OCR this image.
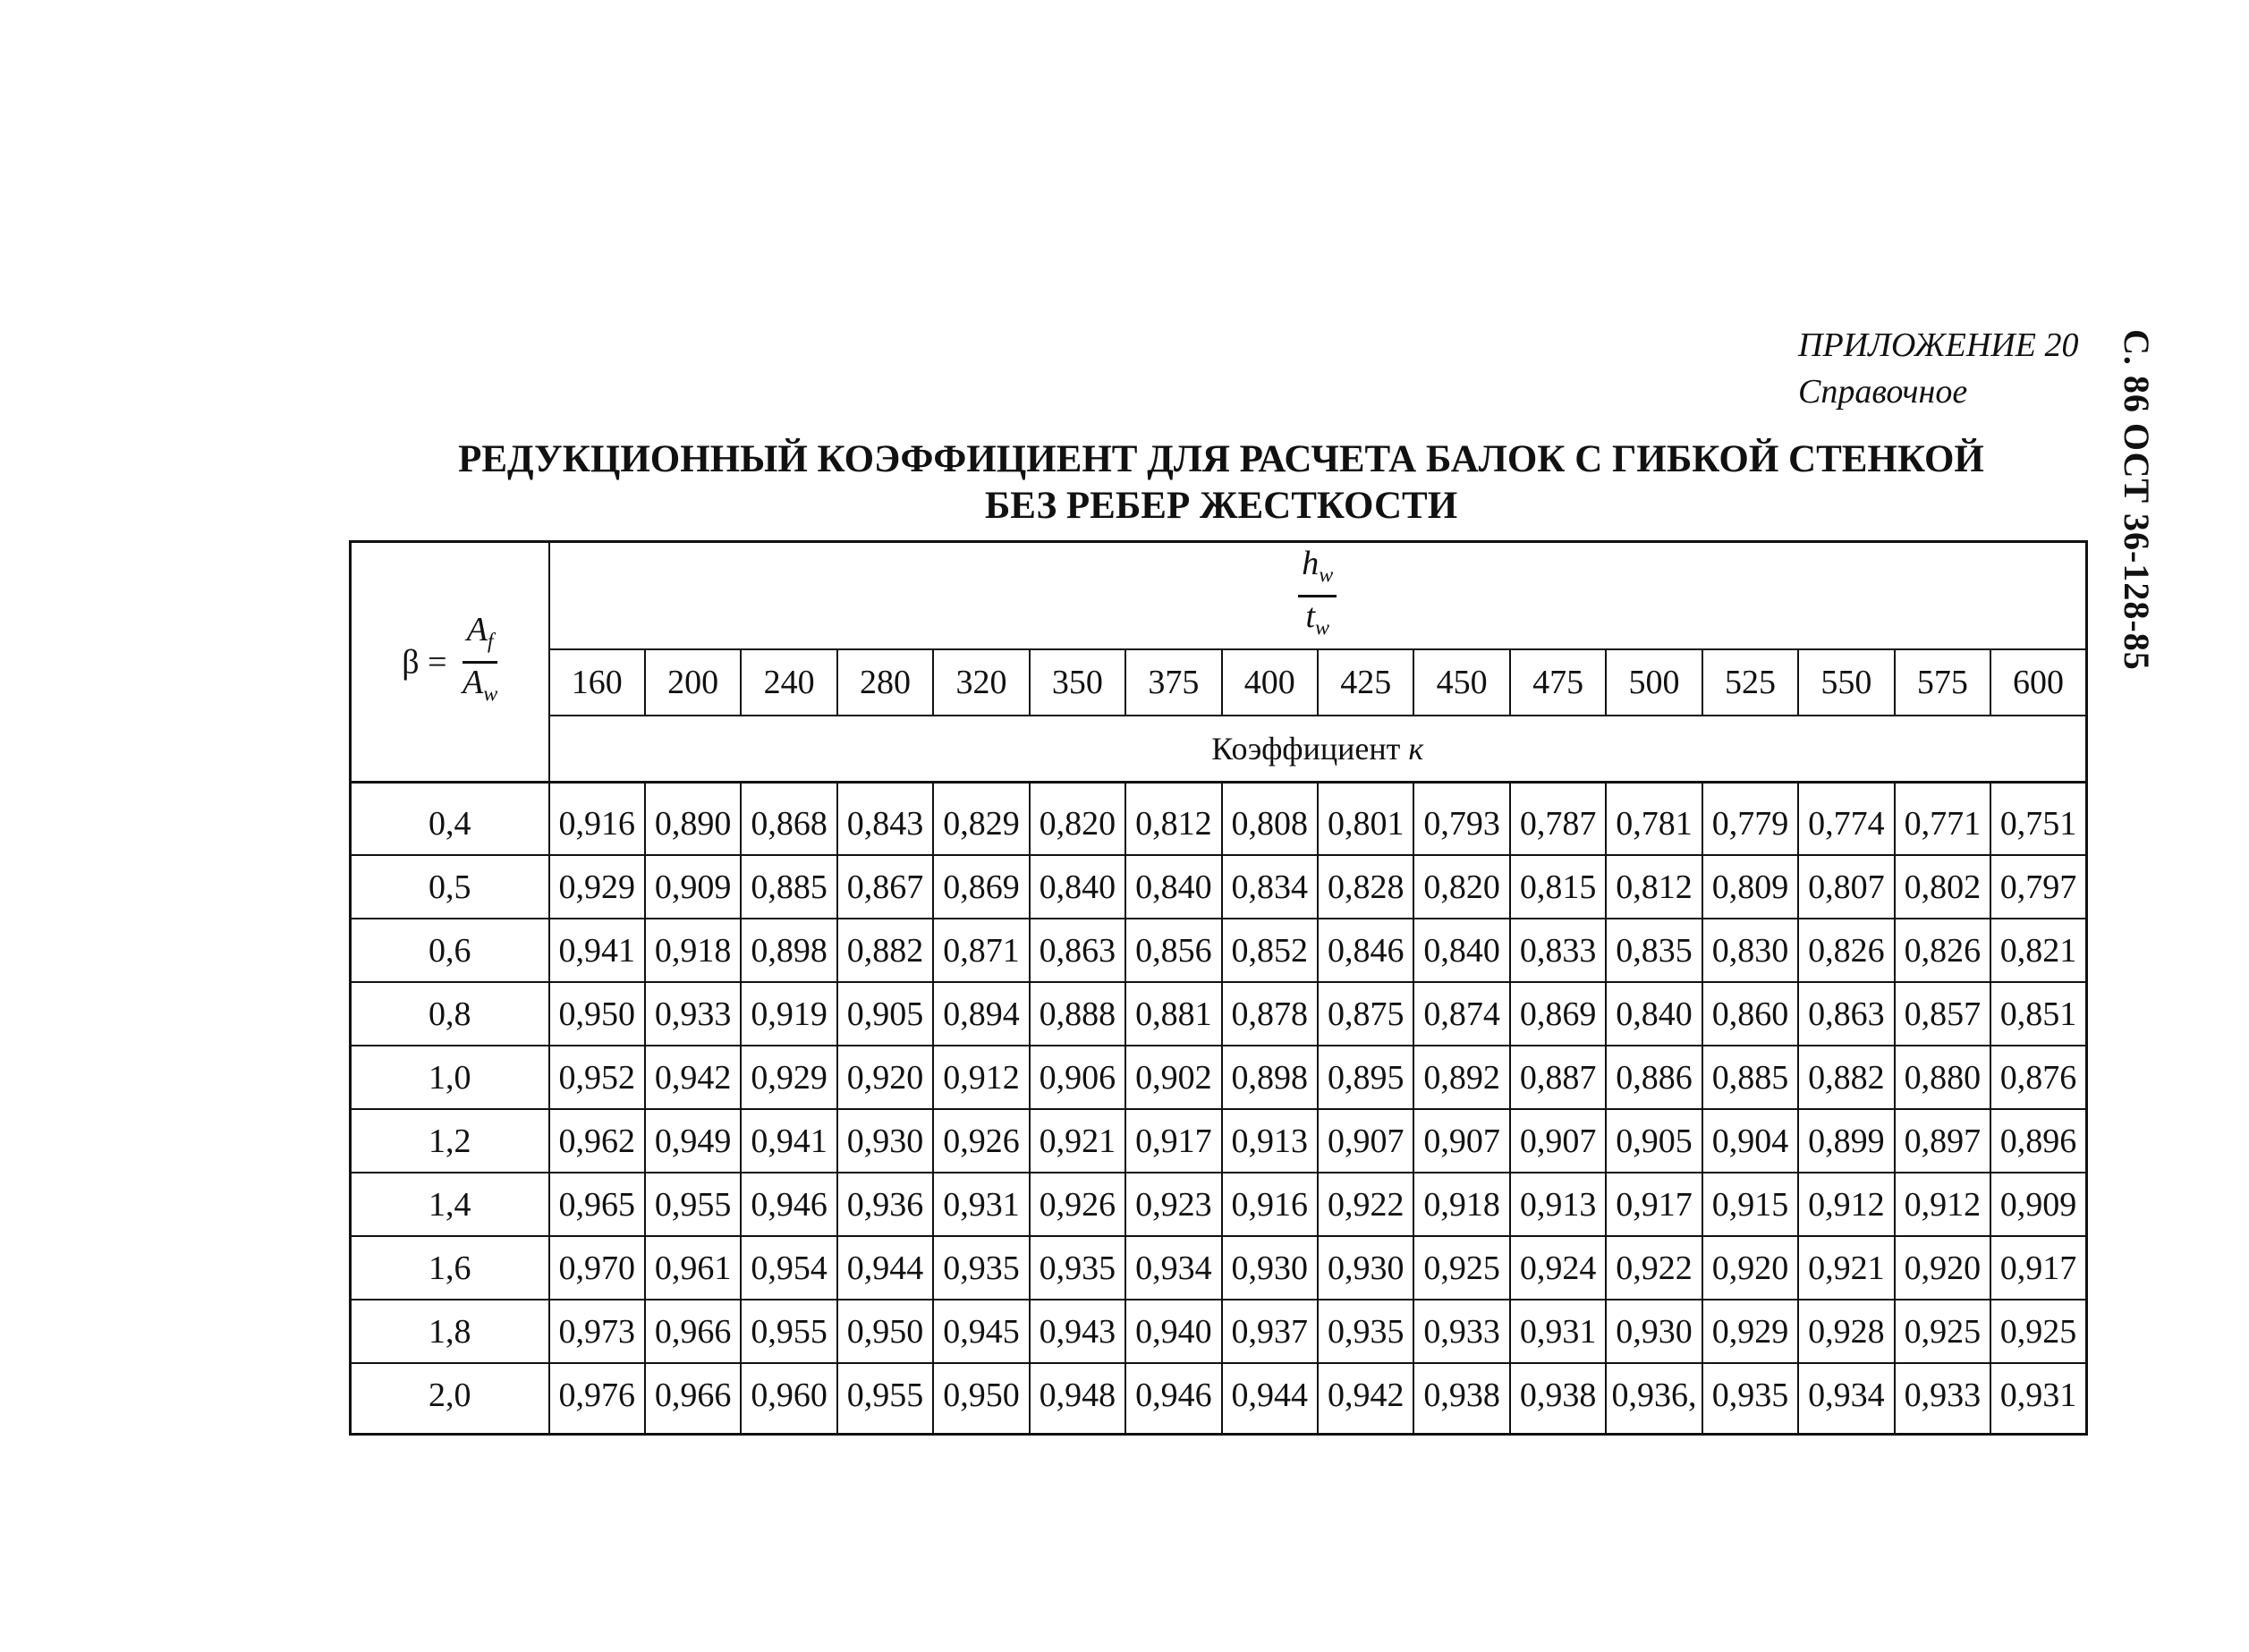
ПРИЛОЖЕНИЕ 20
Справочное	С. 86 ОСТ 36-128-85
РЕДУКЦИОННЫЙ КОЭФФИЦИЕНТ ДЛЯ РАСЧЕТА БАЛОК С ГИБКОЙ СТЕНКОЙ
БЕЗ РЕБЕР ЖЕСТКОСТИ
$\beta = \frac{A_f}{A_w}$	$\frac{h_w}{t_w}$

	160	200	240	280	320	350	375	400	425	450	475	500	525	550	575	600
	Коэффициент к															
0,4	0,916	0,890	0,868	0,843	0,829	0,820	0,812	0,808	0,801	0,793	0,787	0,781	0,779	0,774	0,771	0,751
0,5	0,929	0,909	0,885	0,867	0,869	0,840	0,840	0,834	0,828	0,820	0,815	0,812	0,809	0,807	0,802	0,797
0,6	0,941	0,918	0,898	0,882	0,871	0,863	0,856	0,852	0,846	0,840	0,833	0,835	0,830	0,826	0,826	0,821
0,8	0,950	0,933	0,919	0,905	0,894	0,888	0,881	0,878	0,875	0,874	0,869	0,840	0,860	0,863	0,857	0,851
1,0	0,952	0,942	0,929	0,920	0,912	0,906	0,902	0,898	0,895	0,892	0,887	0,886	0,885	0,882	0,880	0,876
1,2	0,962	0,949	0,941	0,930	0,926	0,921	0,917	0,913	0,907	0,907	0,907	0,905	0,904	0,899	0,897	0,896
1,4	0,965	0,955	0,946	0,936	0,931	0,926	0,923	0,916	0,922	0,918	0,913	0,917	0,915	0,912	0,912	0,909
1,6	0,970	0,961	0,954	0,944	0,935	0,935	0,934	0,930	0,930	0,925	0,924	0,922	0,920	0,921	0,920	0,917
1,8	0,973	0,966	0,955	0,950	0,945	0,943	0,940	0,937	0,935	0,933	0,931	0,930	0,929	0,928	0,925	0,925
2,0	0,976	0,966	0,960	0,955	0,950	0,948	0,946	0,944	0,942	0,938	0,938	0,936,	0,935	0,934	0,933	0,931
